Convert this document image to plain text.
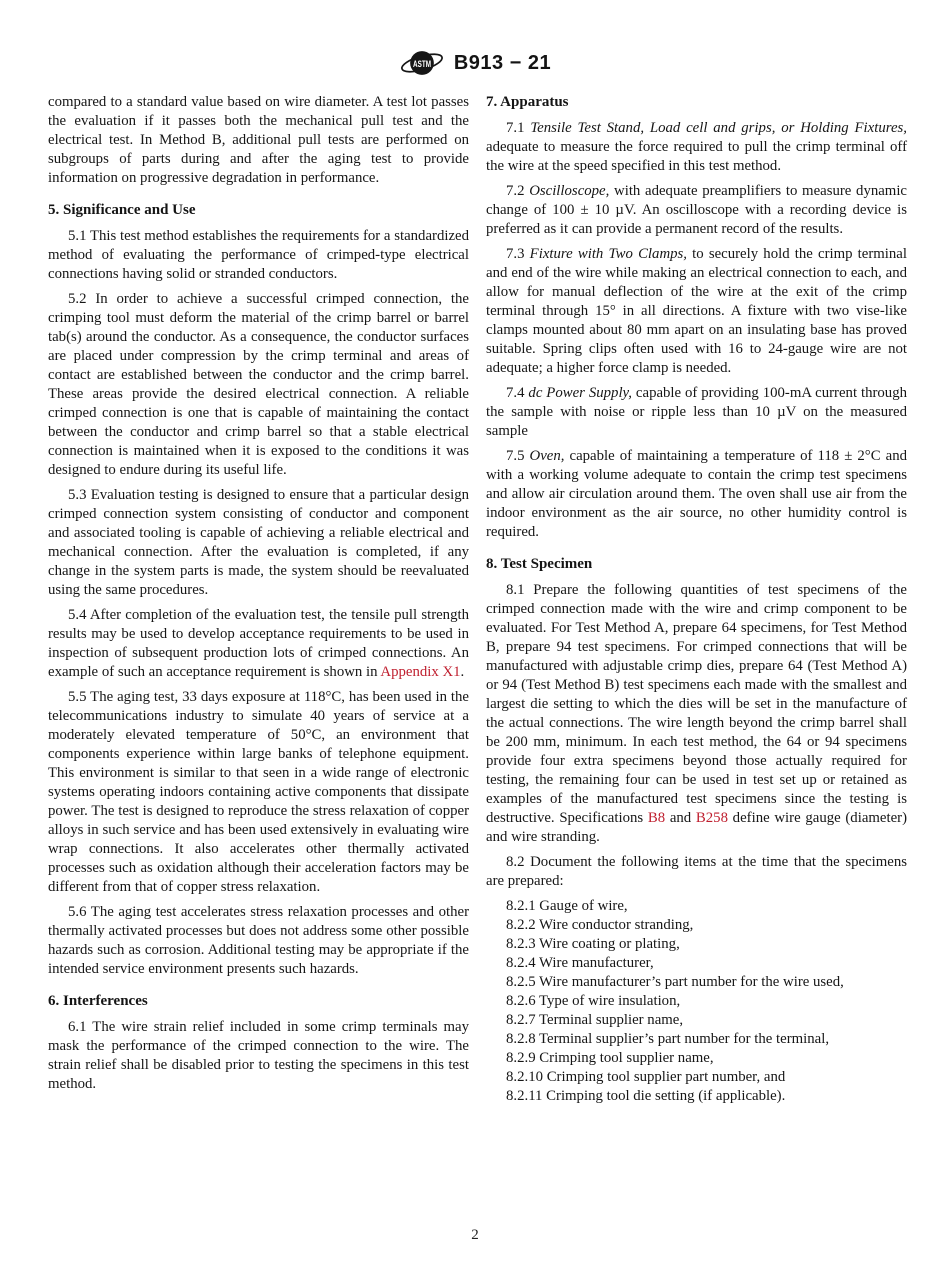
ASTM B913 − 21

compared to a standard value based on wire diameter. A test lot passes the evaluation if it passes both the mechanical pull test and the electrical test. In Method B, additional pull tests are performed on subgroups of parts during and after the aging test to provide information on progressive degradation in performance.

5. Significance and Use

5.1 This test method establishes the requirements for a standardized method of evaluating the performance of crimped-type electrical connections having solid or stranded conductors.

5.2 In order to achieve a successful crimped connection, the crimping tool must deform the material of the crimp barrel or barrel tab(s) around the conductor. As a consequence, the conductor surfaces are placed under compression by the crimp terminal and areas of contact are established between the conductor and the crimp barrel. These areas provide the desired electrical connection. A reliable crimped connection is one that is capable of maintaining the contact between the conductor and crimp barrel so that a stable electrical connection is maintained when it is exposed to the conditions it was designed to endure during its useful life.

5.3 Evaluation testing is designed to ensure that a particular design crimped connection system consisting of conductor and component and associated tooling is capable of achieving a reliable electrical and mechanical connection. After the evaluation is completed, if any change in the system parts is made, the system should be reevaluated using the same procedures.

5.4 After completion of the evaluation test, the tensile pull strength results may be used to develop acceptance requirements to be used in inspection of subsequent production lots of crimped connections. An example of such an acceptance requirement is shown in Appendix X1.

5.5 The aging test, 33 days exposure at 118°C, has been used in the telecommunications industry to simulate 40 years of service at a moderately elevated temperature of 50°C, an environment that components experience within large banks of telephone equipment. This environment is similar to that seen in a wide range of electronic systems operating indoors containing active components that dissipate power. The test is designed to reproduce the stress relaxation of copper alloys in such service and has been used extensively in evaluating wire wrap connections. It also accelerates other thermally activated processes such as oxidation although their acceleration factors may be different from that of copper stress relaxation.

5.6 The aging test accelerates stress relaxation processes and other thermally activated processes but does not address some other possible hazards such as corrosion. Additional testing may be appropriate if the intended service environment presents such hazards.

6. Interferences

6.1 The wire strain relief included in some crimp terminals may mask the performance of the crimped connection to the wire. The strain relief shall be disabled prior to testing the specimens in this test method.

7. Apparatus

7.1 Tensile Test Stand, Load cell and grips, or Holding Fixtures, adequate to measure the force required to pull the crimp terminal off the wire at the speed specified in this test method.

7.2 Oscilloscope, with adequate preamplifiers to measure dynamic change of 100 ± 10 µV. An oscilloscope with a recording device is preferred as it can provide a permanent record of the results.

7.3 Fixture with Two Clamps, to securely hold the crimp terminal and end of the wire while making an electrical connection to each, and allow for manual deflection of the wire at the exit of the crimp terminal through 15° in all directions. A fixture with two vise-like clamps mounted about 80 mm apart on an insulating base has proved suitable. Spring clips often used with 16 to 24-gauge wire are not adequate; a higher force clamp is needed.

7.4 dc Power Supply, capable of providing 100-mA current through the sample with noise or ripple less than 10 µV on the measured sample

7.5 Oven, capable of maintaining a temperature of 118 ± 2°C and with a working volume adequate to contain the crimp test specimens and allow air circulation around them. The oven shall use air from the indoor environment as the air source, no other humidity control is required.

8. Test Specimen

8.1 Prepare the following quantities of test specimens of the crimped connection made with the wire and crimp component to be evaluated. For Test Method A, prepare 64 specimens, for Test Method B, prepare 94 test specimens. For crimped connections that will be manufactured with adjustable crimp dies, prepare 64 (Test Method A) or 94 (Test Method B) test specimens each made with the smallest and largest die setting to which the dies will be set in the manufacture of the actual connections. The wire length beyond the crimp barrel shall be 200 mm, minimum. In each test method, the 64 or 94 specimens provide four extra specimens beyond those actually required for testing, the remaining four can be used in test set up or retained as examples of the manufactured test specimens since the testing is destructive. Specifications B8 and B258 define wire gauge (diameter) and wire stranding.

8.2 Document the following items at the time that the specimens are prepared:

8.2.1 Gauge of wire,

8.2.2 Wire conductor stranding,

8.2.3 Wire coating or plating,

8.2.4 Wire manufacturer,

8.2.5 Wire manufacturer’s part number for the wire used,

8.2.6 Type of wire insulation,

8.2.7 Terminal supplier name,

8.2.8 Terminal supplier’s part number for the terminal,

8.2.9 Crimping tool supplier name,

8.2.10 Crimping tool supplier part number, and

8.2.11 Crimping tool die setting (if applicable).

2
